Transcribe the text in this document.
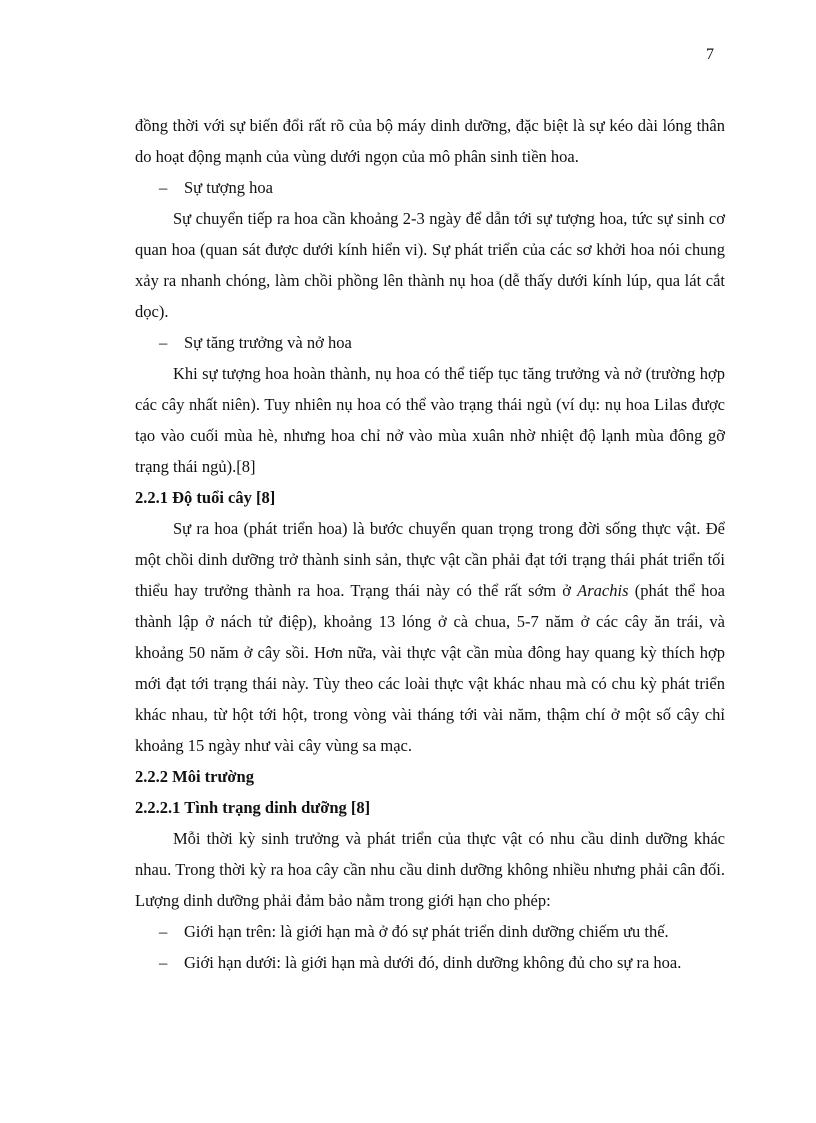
7

đồng thời với sự biến đổi rất rõ của bộ máy dinh dưỡng, đặc biệt là sự kéo dài lóng thân do hoạt động mạnh của vùng dưới ngọn của mô phân sinh tiền hoa.

– Sự tượng hoa

Sự chuyển tiếp ra hoa cần khoảng 2-3 ngày để dẫn tới sự tượng hoa, tức sự sinh cơ quan hoa (quan sát được dưới kính hiển vi). Sự phát triển của các sơ khởi hoa nói chung xảy ra nhanh chóng, làm chồi phồng lên thành nụ hoa (dễ thấy dưới kính lúp, qua lát cắt dọc).

– Sự tăng trưởng và nở hoa

Khi sự tượng hoa hoàn thành, nụ hoa có thể tiếp tục tăng trưởng và nở (trường hợp các cây nhất niên). Tuy nhiên nụ hoa có thể vào trạng thái ngủ (ví dụ: nụ hoa Lilas được tạo vào cuối mùa hè, nhưng hoa chỉ nở vào mùa xuân nhờ nhiệt độ lạnh mùa đông gỡ trạng thái ngủ).[8]

2.2.1 Độ tuổi cây [8]

Sự ra hoa (phát triển hoa) là bước chuyển quan trọng trong đời sống thực vật. Để một chồi dinh dưỡng trở thành sinh sản, thực vật cần phải đạt tới trạng thái phát triển tối thiểu hay trưởng thành ra hoa. Trạng thái này có thể rất sớm ở Arachis (phát thể hoa thành lập ở nách tử điệp), khoảng 13 lóng ở cà chua, 5-7 năm ở các cây ăn trái, và khoảng 50 năm ở cây sồi. Hơn nữa, vài thực vật cần mùa đông hay quang kỳ thích hợp mới đạt tới trạng thái này. Tùy theo các loài thực vật khác nhau mà có chu kỳ phát triển khác nhau, từ hột tới hột, trong vòng vài tháng tới vài năm, thậm chí ở một số cây chỉ khoảng 15 ngày như vài cây vùng sa mạc.

2.2.2 Môi trường
2.2.2.1 Tình trạng dinh dưỡng [8]

Mỗi thời kỳ sinh trưởng và phát triển của thực vật có nhu cầu dinh dưỡng khác nhau. Trong thời kỳ ra hoa cây cần nhu cầu dinh dưỡng không nhiều nhưng phải cân đối. Lượng dinh dưỡng phải đảm bảo nằm trong giới hạn cho phép:

– Giới hạn trên: là giới hạn mà ở đó sự phát triển dinh dưỡng chiếm ưu thế.

– Giới hạn dưới: là giới hạn mà dưới đó, dinh dưỡng không đủ cho sự ra hoa.
